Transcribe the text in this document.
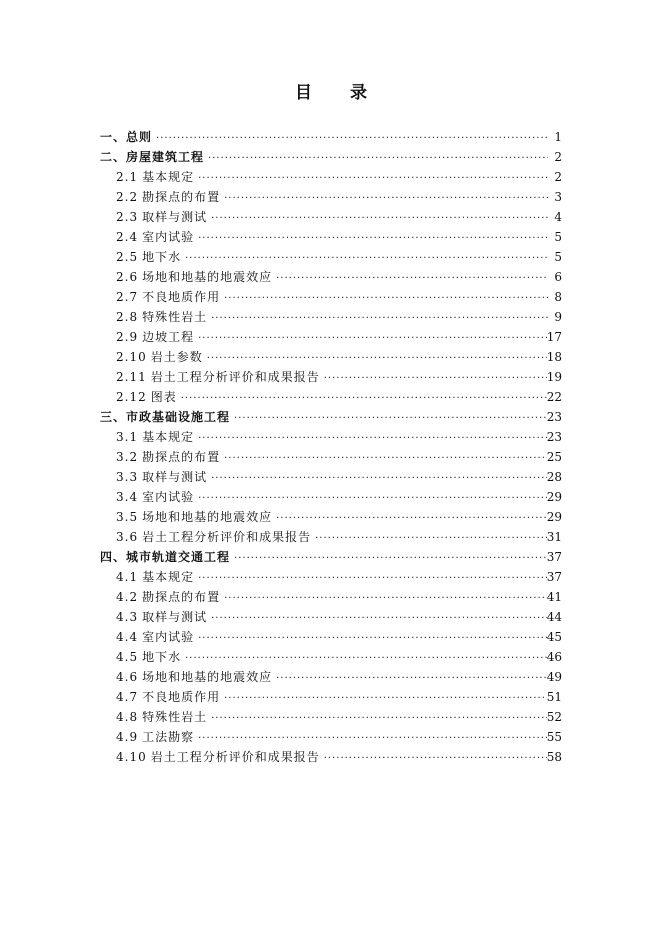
目 录
一、 总则 ·····	1
二、 房屋建筑工程 ·····	2
2.1 基本规定 ·····	2
2.2 勘探点的布置 ·····	3
2.3 取样与测试 ·····	4
2.4 室内试验 ·····	5
2.5 地下水 ·····	5
2.6 场地和地基的地震效应 ·····	6
2.7 不良地质作用 ·····	8
2.8 特殊性岩土 ·····	9
2.9 边坡工程 ·····	17
2.10 岩土参数 ·····	18
2.11 岩土工程分析评价和成果报告 ·····	19
2.12 图表 ·····	22
三、 市政基础设施工程 ·····	23
3.1 基本规定 ·····	23
3.2 勘探点的布置 ·····	25
3.3 取样与测试 ·····	28
3.4 室内试验 ·····	29
3.5 场地和地基的地震效应 ·····	29
3.6 岩土工程分析评价和成果报告 ·····	31
四、 城市轨道交通工程 ·····	37
4.1 基本规定 ·····	37
4.2 勘探点的布置 ·····	41
4.3 取样与测试 ·····	44
4.4 室内试验 ·····	45
4.5 地下水 ·····	46
4.6 场地和地基的地震效应 ·····	49
4.7 不良地质作用 ·····	51
4.8 特殊性岩土 ·····	52
4.9 工法勘察 ·····	55
4.10 岩土工程分析评价和成果报告 ·····	58
